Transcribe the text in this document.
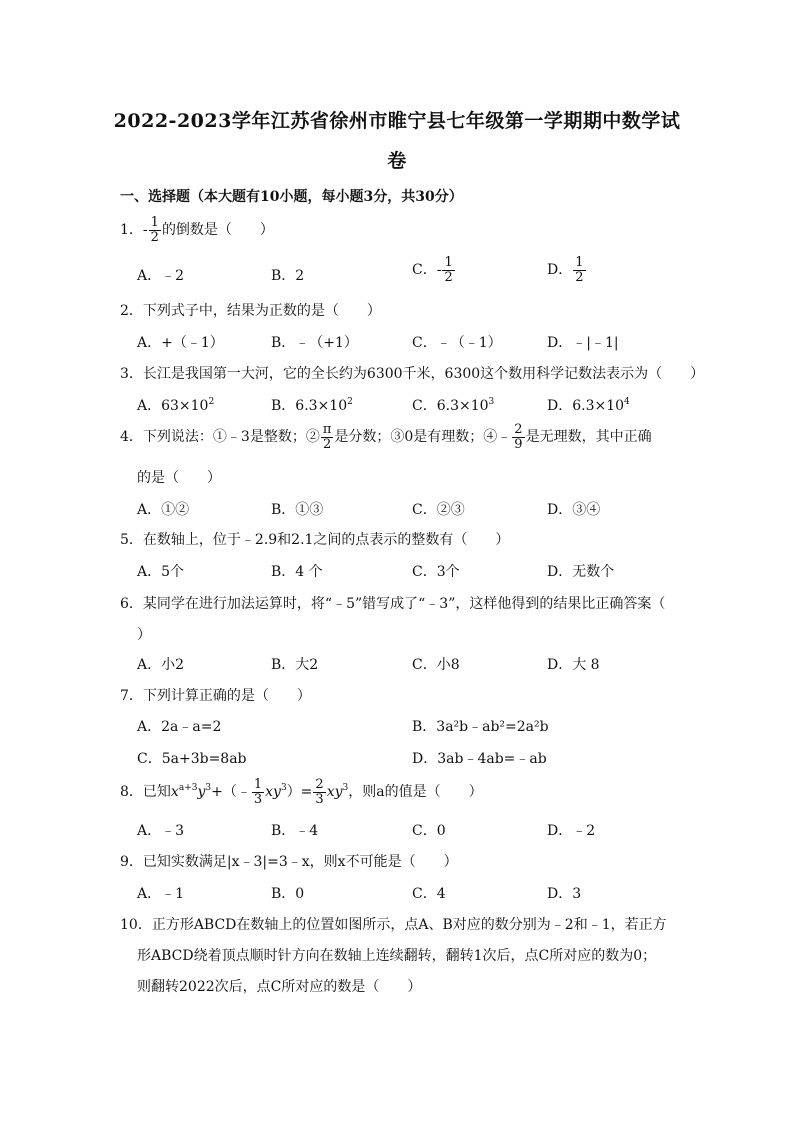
2022-2023学年江苏省徐州市睢宁县七年级第一学期期中数学试
卷
一、选择题（本大题有10小题，每小题3分，共30分）
1．- $\frac{1}{2}$ 的倒数是（　　）
A．﹣2	B．2	C．- $\frac{1}{2}$	D． $\frac{1}{2}$
2．下列式子中，结果为正数的是（　　）
A．+（﹣1）	B．﹣（+1）	C．﹣（﹣1）	D．﹣|﹣1|
3．长江是我国第一大河，它的全长约为6300千米，6300这个数用科学记数法表示为（　　）
A．$63\times 10^2$	B．$6.3\times 10^2$	C．$6.3\times 10^3$	D．$6.3\times 10^4$
4．下列说法：①﹣3是整数；② $\frac{\pi}{2}$ 是分数；③0是有理数；④﹣ $\frac{2}{9}$ 是无理数，其中正确
的是（　　）
A．①②	B．①③	C．②③	D．③④
5．在数轴上，位于﹣2.9和2.1之间的点表示的整数有（　　）
A．5个	B．4 个	C．3个	D．无数个
6．某同学在进行加法运算时，将“﹣5”错写成了“﹣3”，这样他得到的结果比正确答案（
）
A．小2	B．大2	C．小8	D．大 8
7．下列计算正确的是（　　）
A．2a﹣a=2	B．3a²b﹣ab²=2a²b
C．5a+3b=8ab	D．3ab﹣4ab=﹣ab
8．已知$x^{a+3}y^3+(﹣ \frac{1}{3} xy^3)= \frac{2}{3} xy^3$，则a的值是（　　）
A．﹣3	B．﹣4	C．0	D．﹣2
9．已知实数满足|x﹣3|=3﹣x，则x不可能是（　　）
A．﹣1	B．0	C．4	D．3
10．正方形ABCD在数轴上的位置如图所示，点A、B对应的数分别为﹣2和﹣1，若正方
形ABCD绕着顶点顺时针方向在数轴上连续翻转，翻转1次后，点C所对应的数为0；
则翻转2022次后，点C所对应的数是（　　）
